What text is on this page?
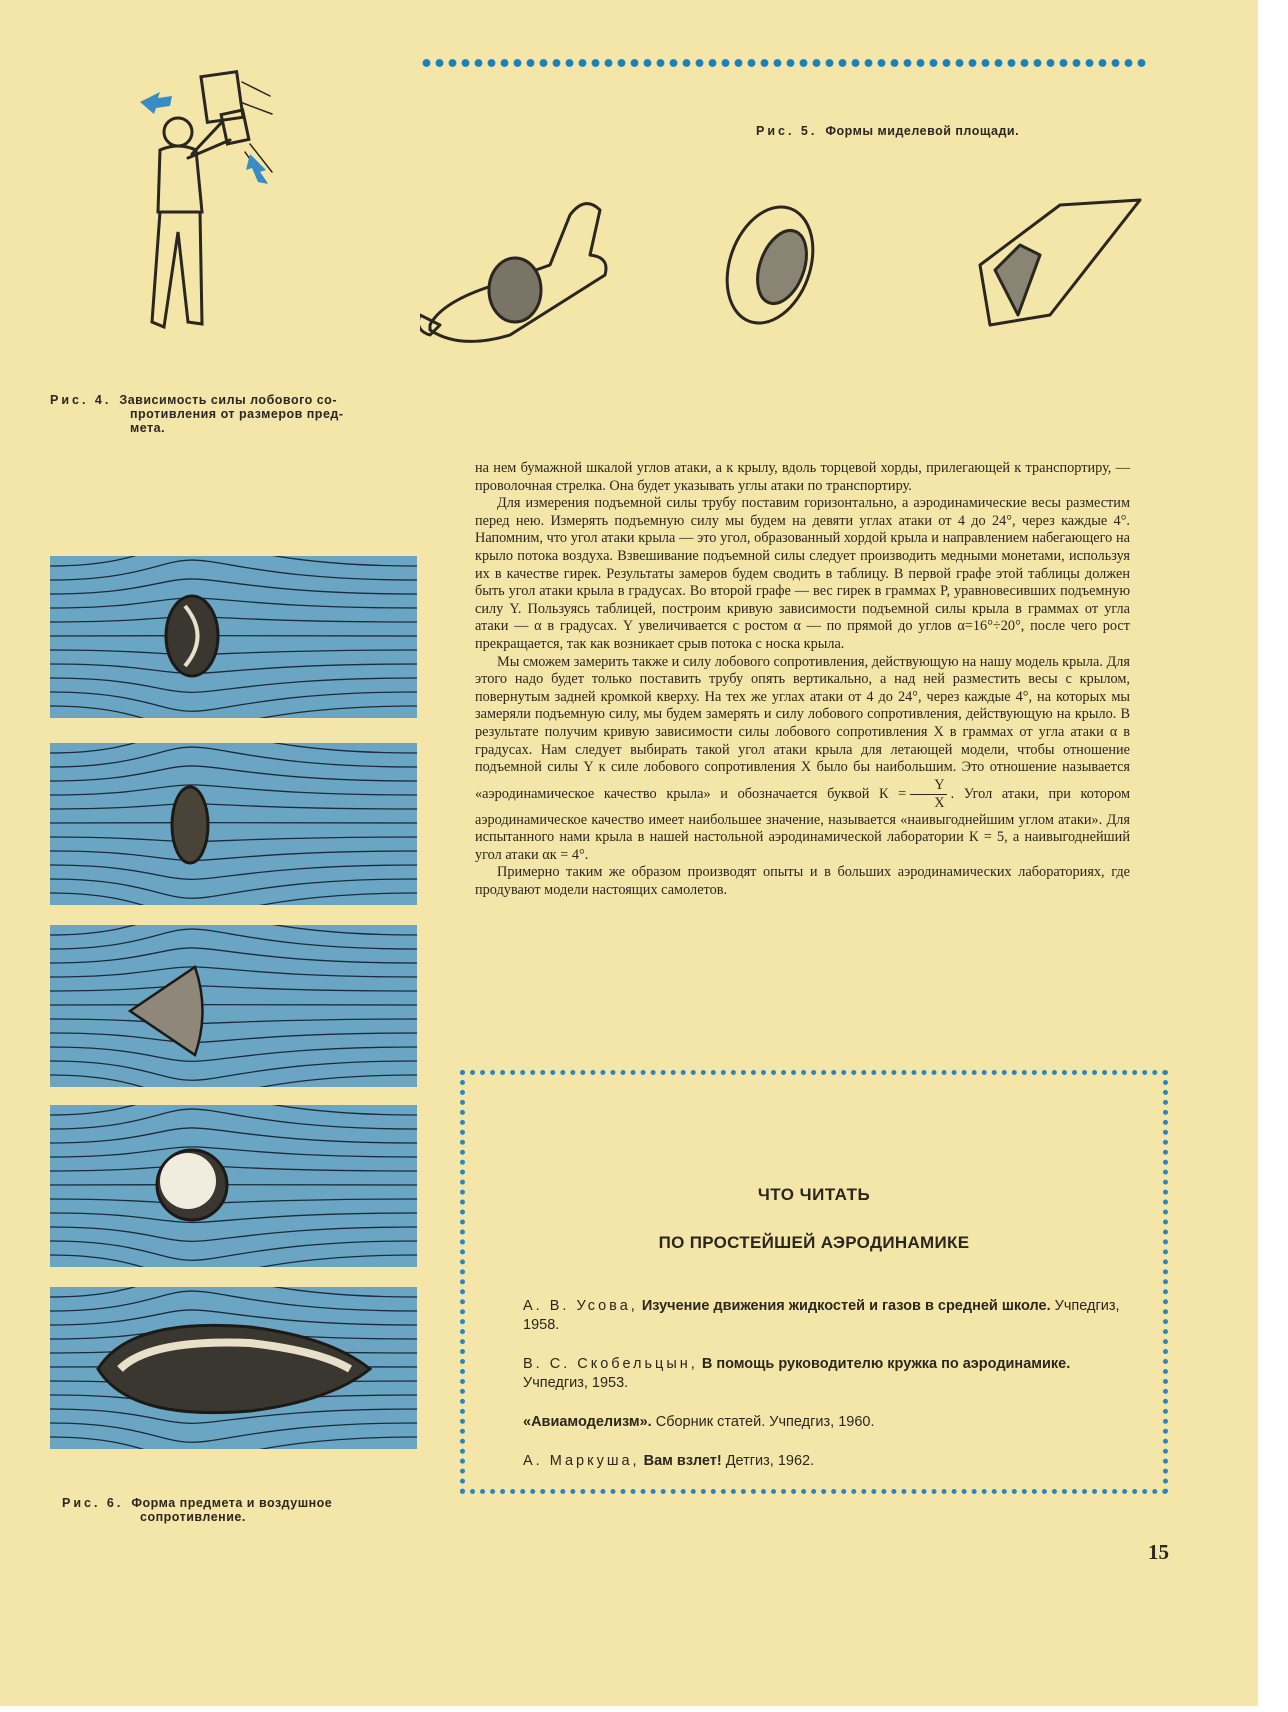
Рис. 4. Зависимость силы лобового со-
противления от размеров пред-
мета.
Рис. 5. Формы миделевой площади.
Рис. 6. Форма предмета и воздушное
сопротивление.

на нем бумажной шкалой углов атаки, а к крылу, вдоль торцевой хорды, прилегающей к транспортиру, — проволочная стрелка. Она будет указывать углы атаки по транспортиру.

Для измерения подъемной силы трубу поставим горизонтально, а аэродинамические весы разместим перед нею. Измерять подъемную силу мы будем на девяти углах атаки от 4 до 24°, через каждые 4°. Напомним, что угол атаки крыла — это угол, образованный хордой крыла и направлением набегающего на крыло потока воздуха. Взвешивание подъемной силы следует производить медными монетами, используя их в качестве гирек. Результаты замеров будем сводить в таблицу. В первой графе этой таблицы должен быть угол атаки крыла в градусах. Во второй графе — вес гирек в граммах P, уравновесивших подъемную силу Y. Пользуясь таблицей, построим кривую зависимости подъемной силы крыла в граммах от угла атаки — α в градусах. Y увеличивается с ростом α — по прямой до углов α=16°÷20°, после чего рост прекращается, так как возникает срыв потока с носка крыла.

Мы сможем замерить также и силу лобового сопротивления, действующую на нашу модель крыла. Для этого надо будет только поставить трубу опять вертикально, а над ней разместить весы с крылом, повернутым задней кромкой кверху. На тех же углах атаки от 4 до 24°, через каждые 4°, на которых мы замеряли подъемную силу, мы будем замерять и силу лобового сопротивления, действующую на крыло. В результате получим кривую зависимости силы лобового сопротивления X в граммах от угла атаки α в градусах. Нам следует выбирать такой угол атаки крыла для летающей модели, чтобы отношение подъемной силы Y к силе лобового сопротивления X было бы наибольшим. Это отношение называется «аэродинамическое качество крыла» и обозначается буквой $К = \frac{Y}{X}$ . Угол атаки, при котором аэродинамическое качество имеет наибольшее значение, называется «наивыгоднейшим углом атаки». Для испытанного нами крыла в нашей настольной аэродинамической лаборатории К = 5, а наивыгоднейший угол атаки αк = 4°.

Примерно таким же образом производят опыты и в больших аэродинамических лабораториях, где продувают модели настоящих самолетов.

ЧТО ЧИТАТЬ
ПО ПРОСТЕЙШЕЙ АЭРОДИНАМИКЕ
А. В. Усова, Изучение движения жидкостей и газов в средней школе. Учпедгиз, 1958.
В. С. Скобельцын, В помощь руководителю кружка по аэродинамике. Учпедгиз, 1953.
«Авиамоделизм». Сборник статей. Учпедгиз, 1960.
А. Маркуша, Вам взлет! Детгиз, 1962.
15
